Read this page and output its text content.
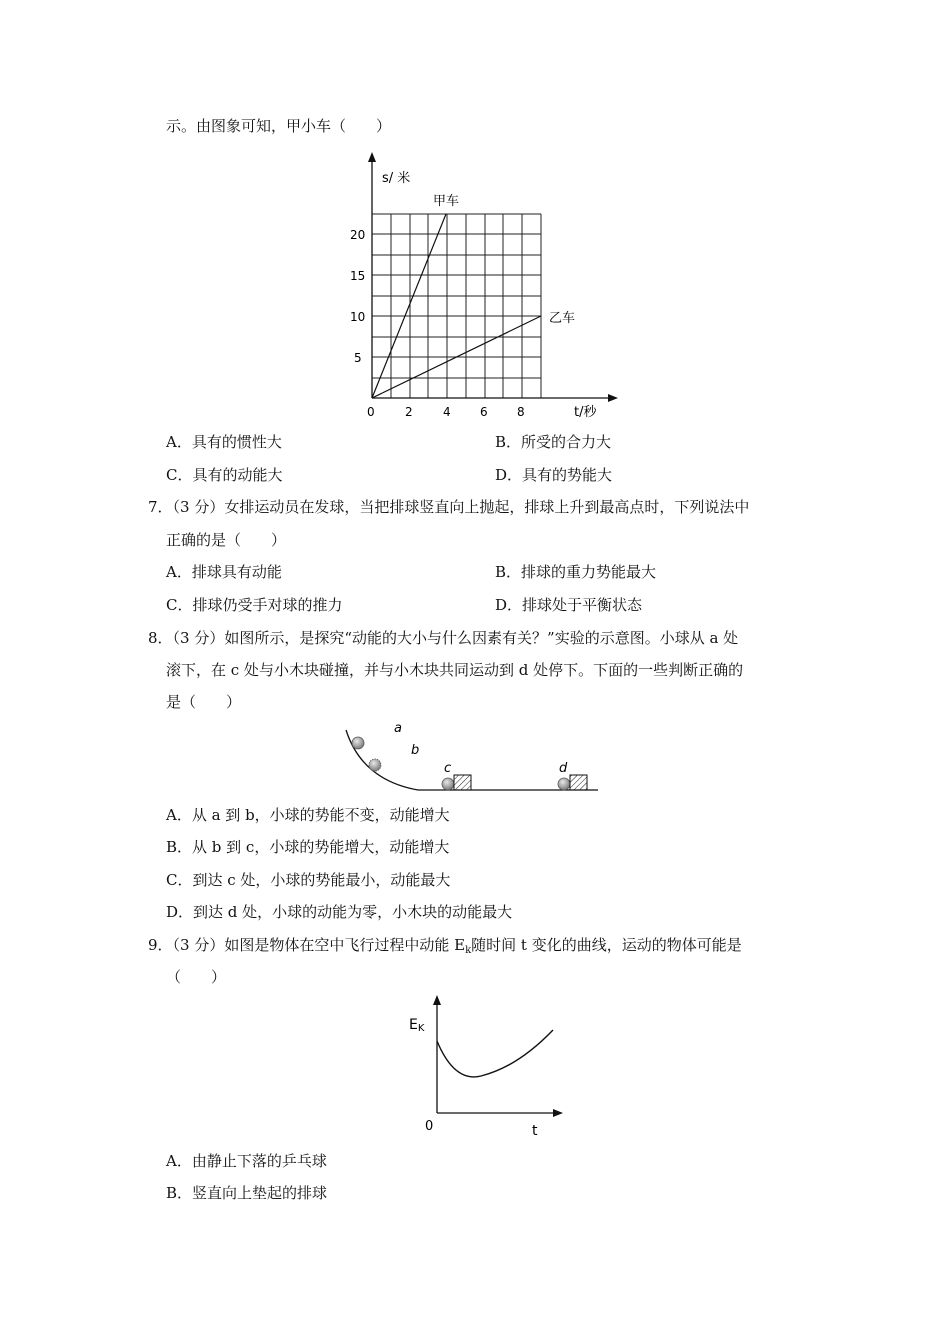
示。由图象可知，甲小车（　　）
s/ 米
甲车
乙车
0	2	4 6 8	t/秒
5
10
15
20
A．具有的惯性大	B．所受的合力大
C．具有的动能大	D．具有的势能大
7．（3 分）女排运动员在发球，当把排球竖直向上抛起，排球上升到最高点时，下列说法中
正确的是（　　）
A．排球具有动能	B．排球的重力势能最大
C．排球仍受手对球的推力	D．排球处于平衡状态
8．（3 分）如图所示，是探究“动能的大小与什么因素有关？”实验的示意图。小球从 a 处
滚下，在 c 处与小木块碰撞，并与小木块共同运动到 d 处停下。下面的一些判断正确的
是（　　）
a
b
c	d
A．从 a 到 b，小球的势能不变，动能增大
B．从 b 到 c，小球的势能增大，动能增大
C．到达 c 处，小球的势能最小，动能最大
D．到达 d 处，小球的动能为零，小木块的动能最大
9．（3 分）如图是物体在空中飞行过程中动能 $E_k$随时间 t 变化的曲线，运动的物体可能是
（　　）
EK
0	t
A．由静止下落的乒乓球
B．竖直向上垫起的排球
